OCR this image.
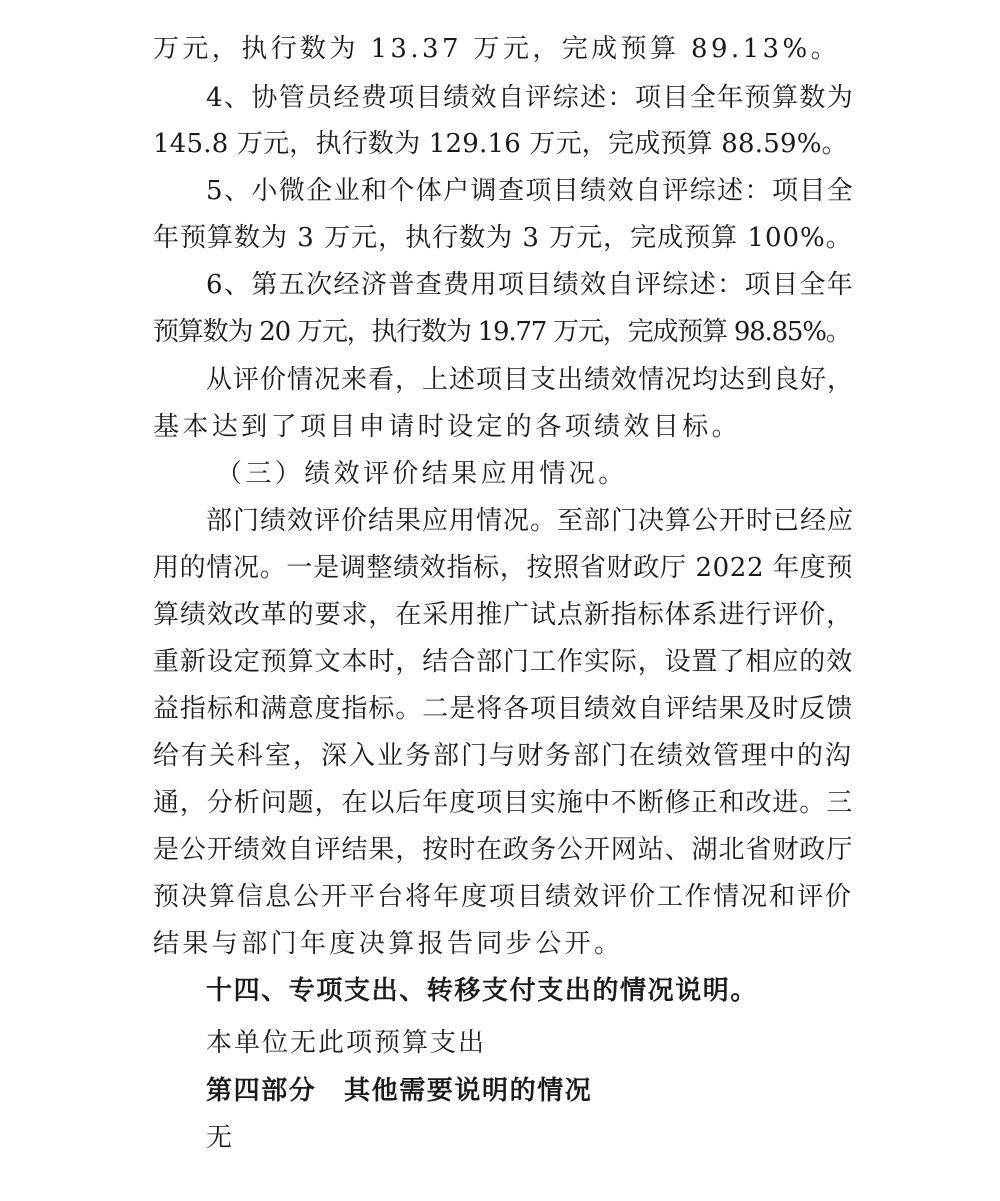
万元，执行数为 13.37 万元，完成预算 89.13%。
4、协管员经费项目绩效自评综述：项目全年预算数为
145.8 万元，执行数为 129.16 万元，完成预算 88.59%。
5、小微企业和个体户调查项目绩效自评综述：项目全
年预算数为 3 万元，执行数为 3 万元，完成预算 100%。
6、第五次经济普查费用项目绩效自评综述：项目全年
预算数为 20 万元，执行数为 19.77 万元，完成预算 98.85%。
从评价情况来看，上述项目支出绩效情况均达到良好，
基本达到了项目申请时设定的各项绩效目标。
（三）绩效评价结果应用情况。
部门绩效评价结果应用情况。至部门决算公开时已经应
用的情况。一是调整绩效指标，按照省财政厅 2022 年度预
算绩效改革的要求，在采用推广试点新指标体系进行评价，
重新设定预算文本时，结合部门工作实际，设置了相应的效
益指标和满意度指标。二是将各项目绩效自评结果及时反馈
给有关科室，深入业务部门与财务部门在绩效管理中的沟
通，分析问题，在以后年度项目实施中不断修正和改进。三
是公开绩效自评结果，按时在政务公开网站、湖北省财政厅
预决算信息公开平台将年度项目绩效评价工作情况和评价
结果与部门年度决算报告同步公开。
十四、专项支出、转移支付支出的情况说明。
本单位无此项预算支出
第四部分　其他需要说明的情况
无
